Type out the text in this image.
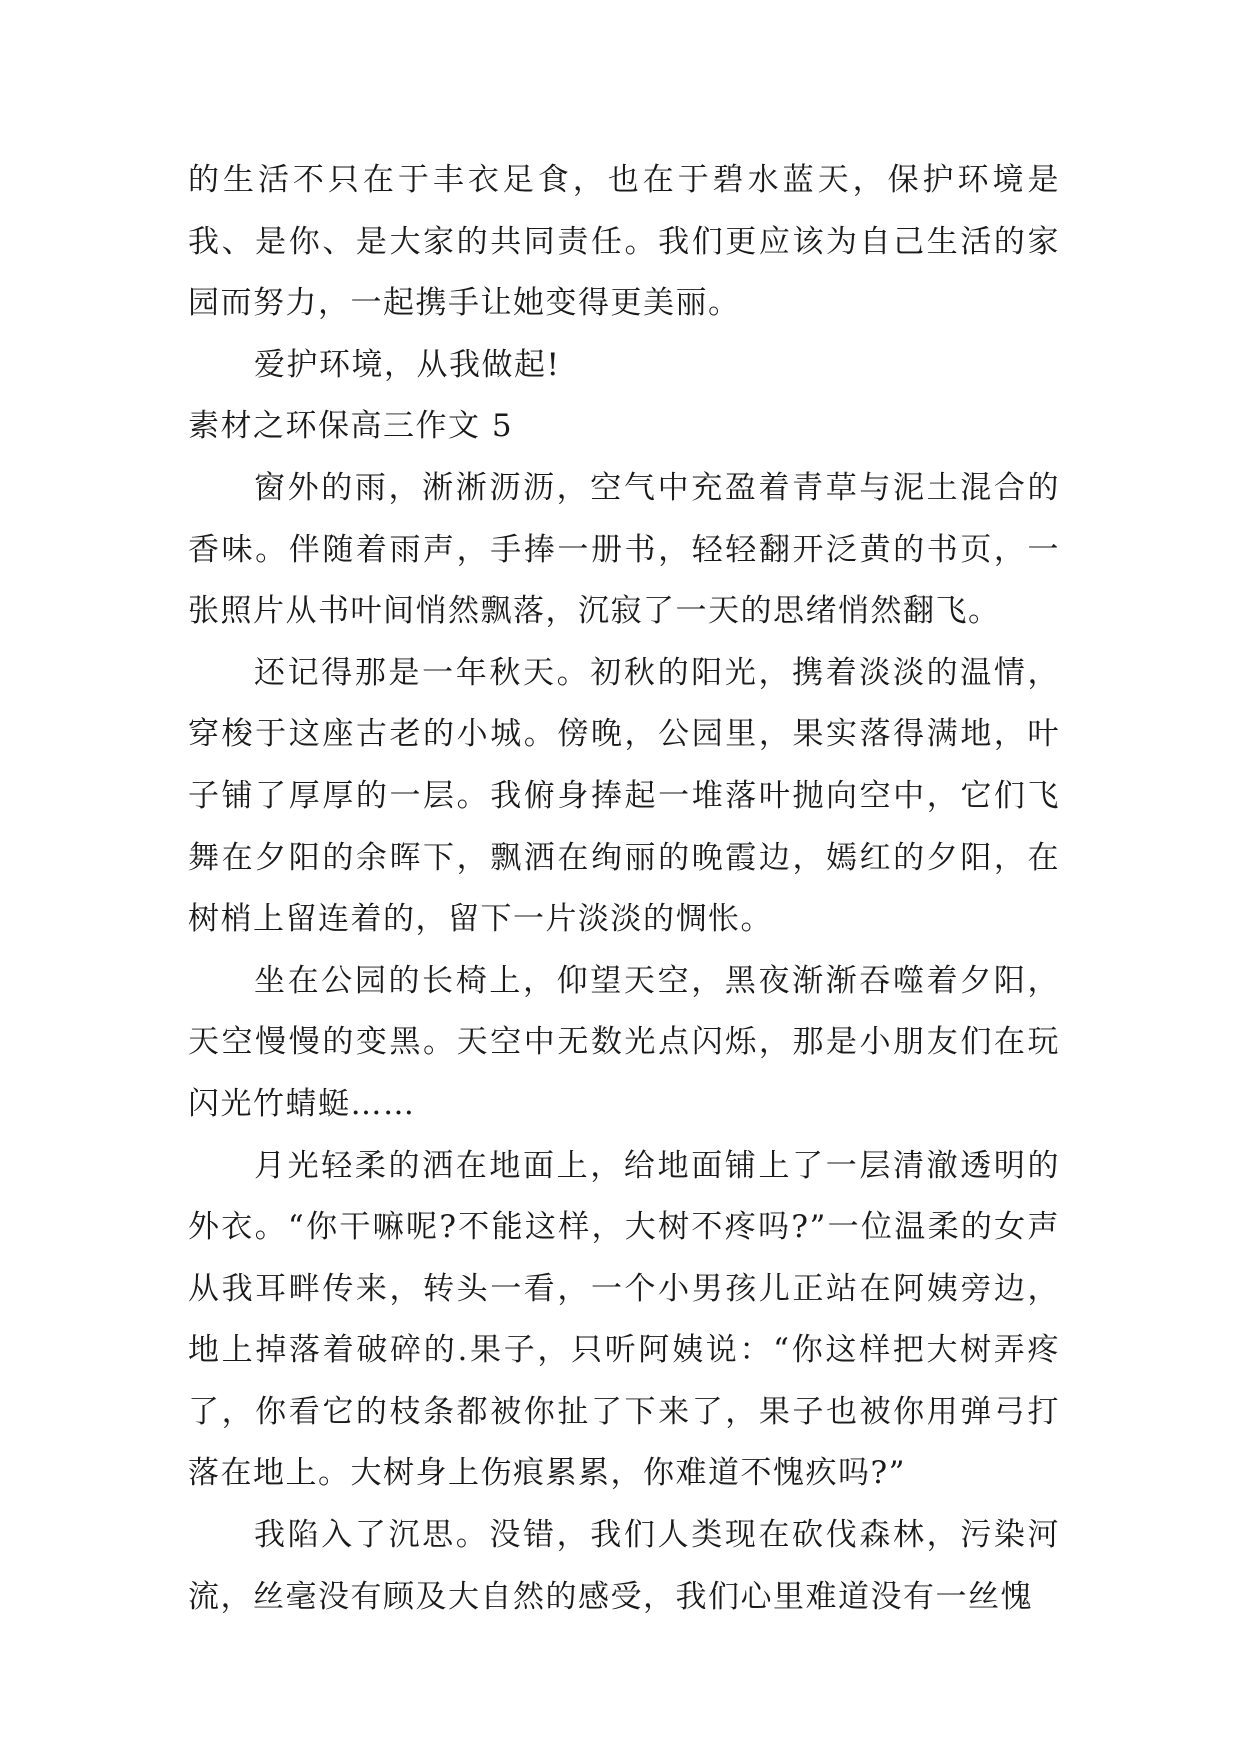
的生活不只在于丰衣足食，也在于碧水蓝天，保护环境是我、是你、是大家的共同责任。我们更应该为自己生活的家园而努力，一起携手让她变得更美丽。

爱护环境，从我做起!

素材之环保高三作文 5

窗外的雨，淅淅沥沥，空气中充盈着青草与泥土混合的香味。伴随着雨声，手捧一册书，轻轻翻开泛黄的书页，一张照片从书叶间悄然飘落，沉寂了一天的思绪悄然翻飞。

还记得那是一年秋天。初秋的阳光，携着淡淡的温情，穿梭于这座古老的小城。傍晚，公园里，果实落得满地，叶子铺了厚厚的一层。我俯身捧起一堆落叶抛向空中，它们飞舞在夕阳的余晖下，飘洒在绚丽的晚霞边，嫣红的夕阳，在树梢上留连着的，留下一片淡淡的惆怅。

坐在公园的长椅上，仰望天空，黑夜渐渐吞噬着夕阳，天空慢慢的变黑。天空中无数光点闪烁，那是小朋友们在玩闪光竹蜻蜓……

月光轻柔的洒在地面上，给地面铺上了一层清澈透明的外衣。“你干嘛呢?不能这样，大树不疼吗?”一位温柔的女声从我耳畔传来，转头一看，一个小男孩儿正站在阿姨旁边，地上掉落着破碎的.果子，只听阿姨说：“你这样把大树弄疼了，你看它的枝条都被你扯了下来了，果子也被你用弹弓打落在地上。大树身上伤痕累累，你难道不愧疚吗?”

我陷入了沉思。没错，我们人类现在砍伐森林，污染河流，丝毫没有顾及大自然的感受，我们心里难道没有一丝愧
